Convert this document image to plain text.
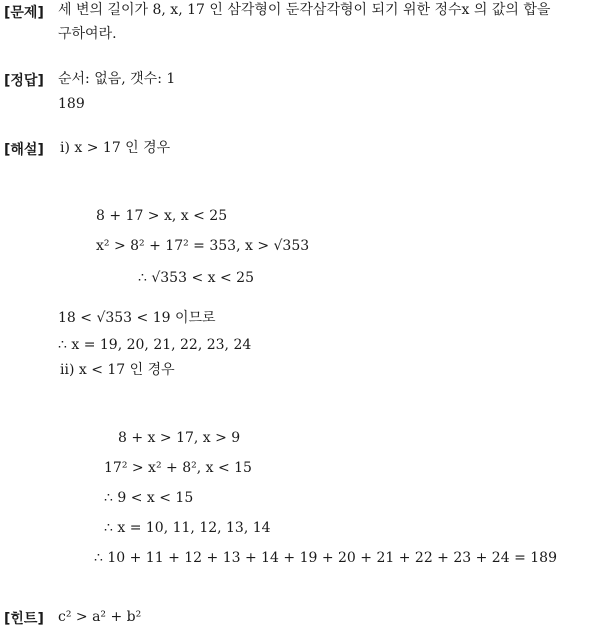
[문제] 세 변의 길이가 8, x, 17 인 삼각형이 둔각삼각형이 되기 위한 정수x 의 값의 합을
구하여라.
[정답] 순서: 없음, 갯수: 1
189
[해설] ⅰ) x > 17 인 경우
8 + 17 > x, x < 25
x² > 8² + 17² = 353, x > √353
∴ √353 < x < 25
18 < √353 < 19 이므로
∴ x = 19, 20, 21, 22, 23, 24
ⅱ) x < 17 인 경우
8 + x > 17, x > 9
17² > x² + 8², x < 15
∴ 9 < x < 15
∴ x = 10, 11, 12, 13, 14
∴ 10 + 11 + 12 + 13 + 14 + 19 + 20 + 21 + 22 + 23 + 24 = 189
[힌트] c² > a² + b²
